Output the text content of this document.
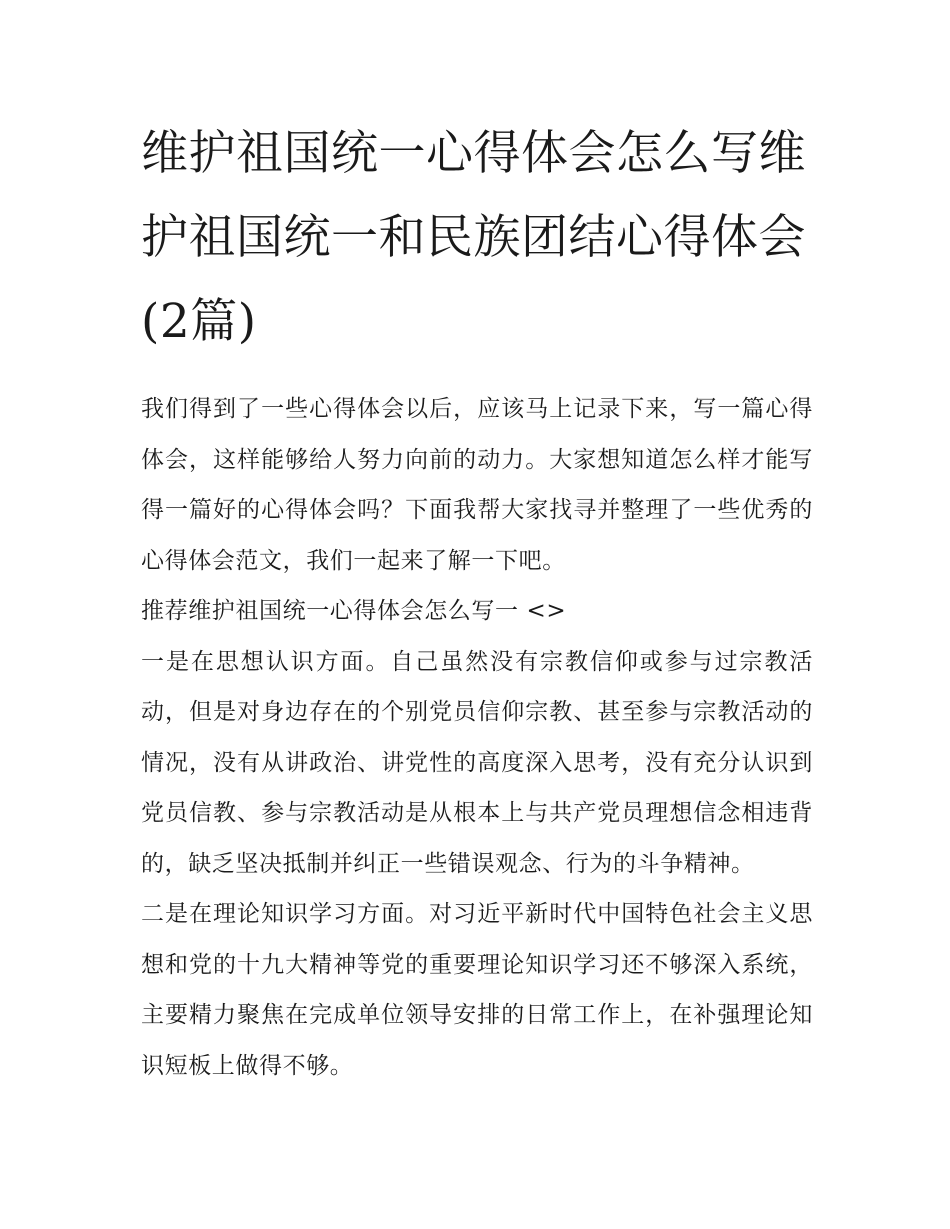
维护祖国统一心得体会怎么写维护祖国统一和民族团结心得体会(2篇)

我们得到了一些心得体会以后，应该马上记录下来，写一篇心得体会，这样能够给人努力向前的动力。大家想知道怎么样才能写得一篇好的心得体会吗？下面我帮大家找寻并整理了一些优秀的心得体会范文，我们一起来了解一下吧。

推荐维护祖国统一心得体会怎么写一 <>

一是在思想认识方面。自己虽然没有宗教信仰或参与过宗教活动，但是对身边存在的个别党员信仰宗教、甚至参与宗教活动的情况，没有从讲政治、讲党性的高度深入思考，没有充分认识到党员信教、参与宗教活动是从根本上与共产党员理想信念相违背的，缺乏坚决抵制并纠正一些错误观念、行为的斗争精神。

二是在理论知识学习方面。对习近平新时代中国特色社会主义思想和党的十九大精神等党的重要理论知识学习还不够深入系统，主要精力聚焦在完成单位领导安排的日常工作上，在补强理论知识短板上做得不够。
